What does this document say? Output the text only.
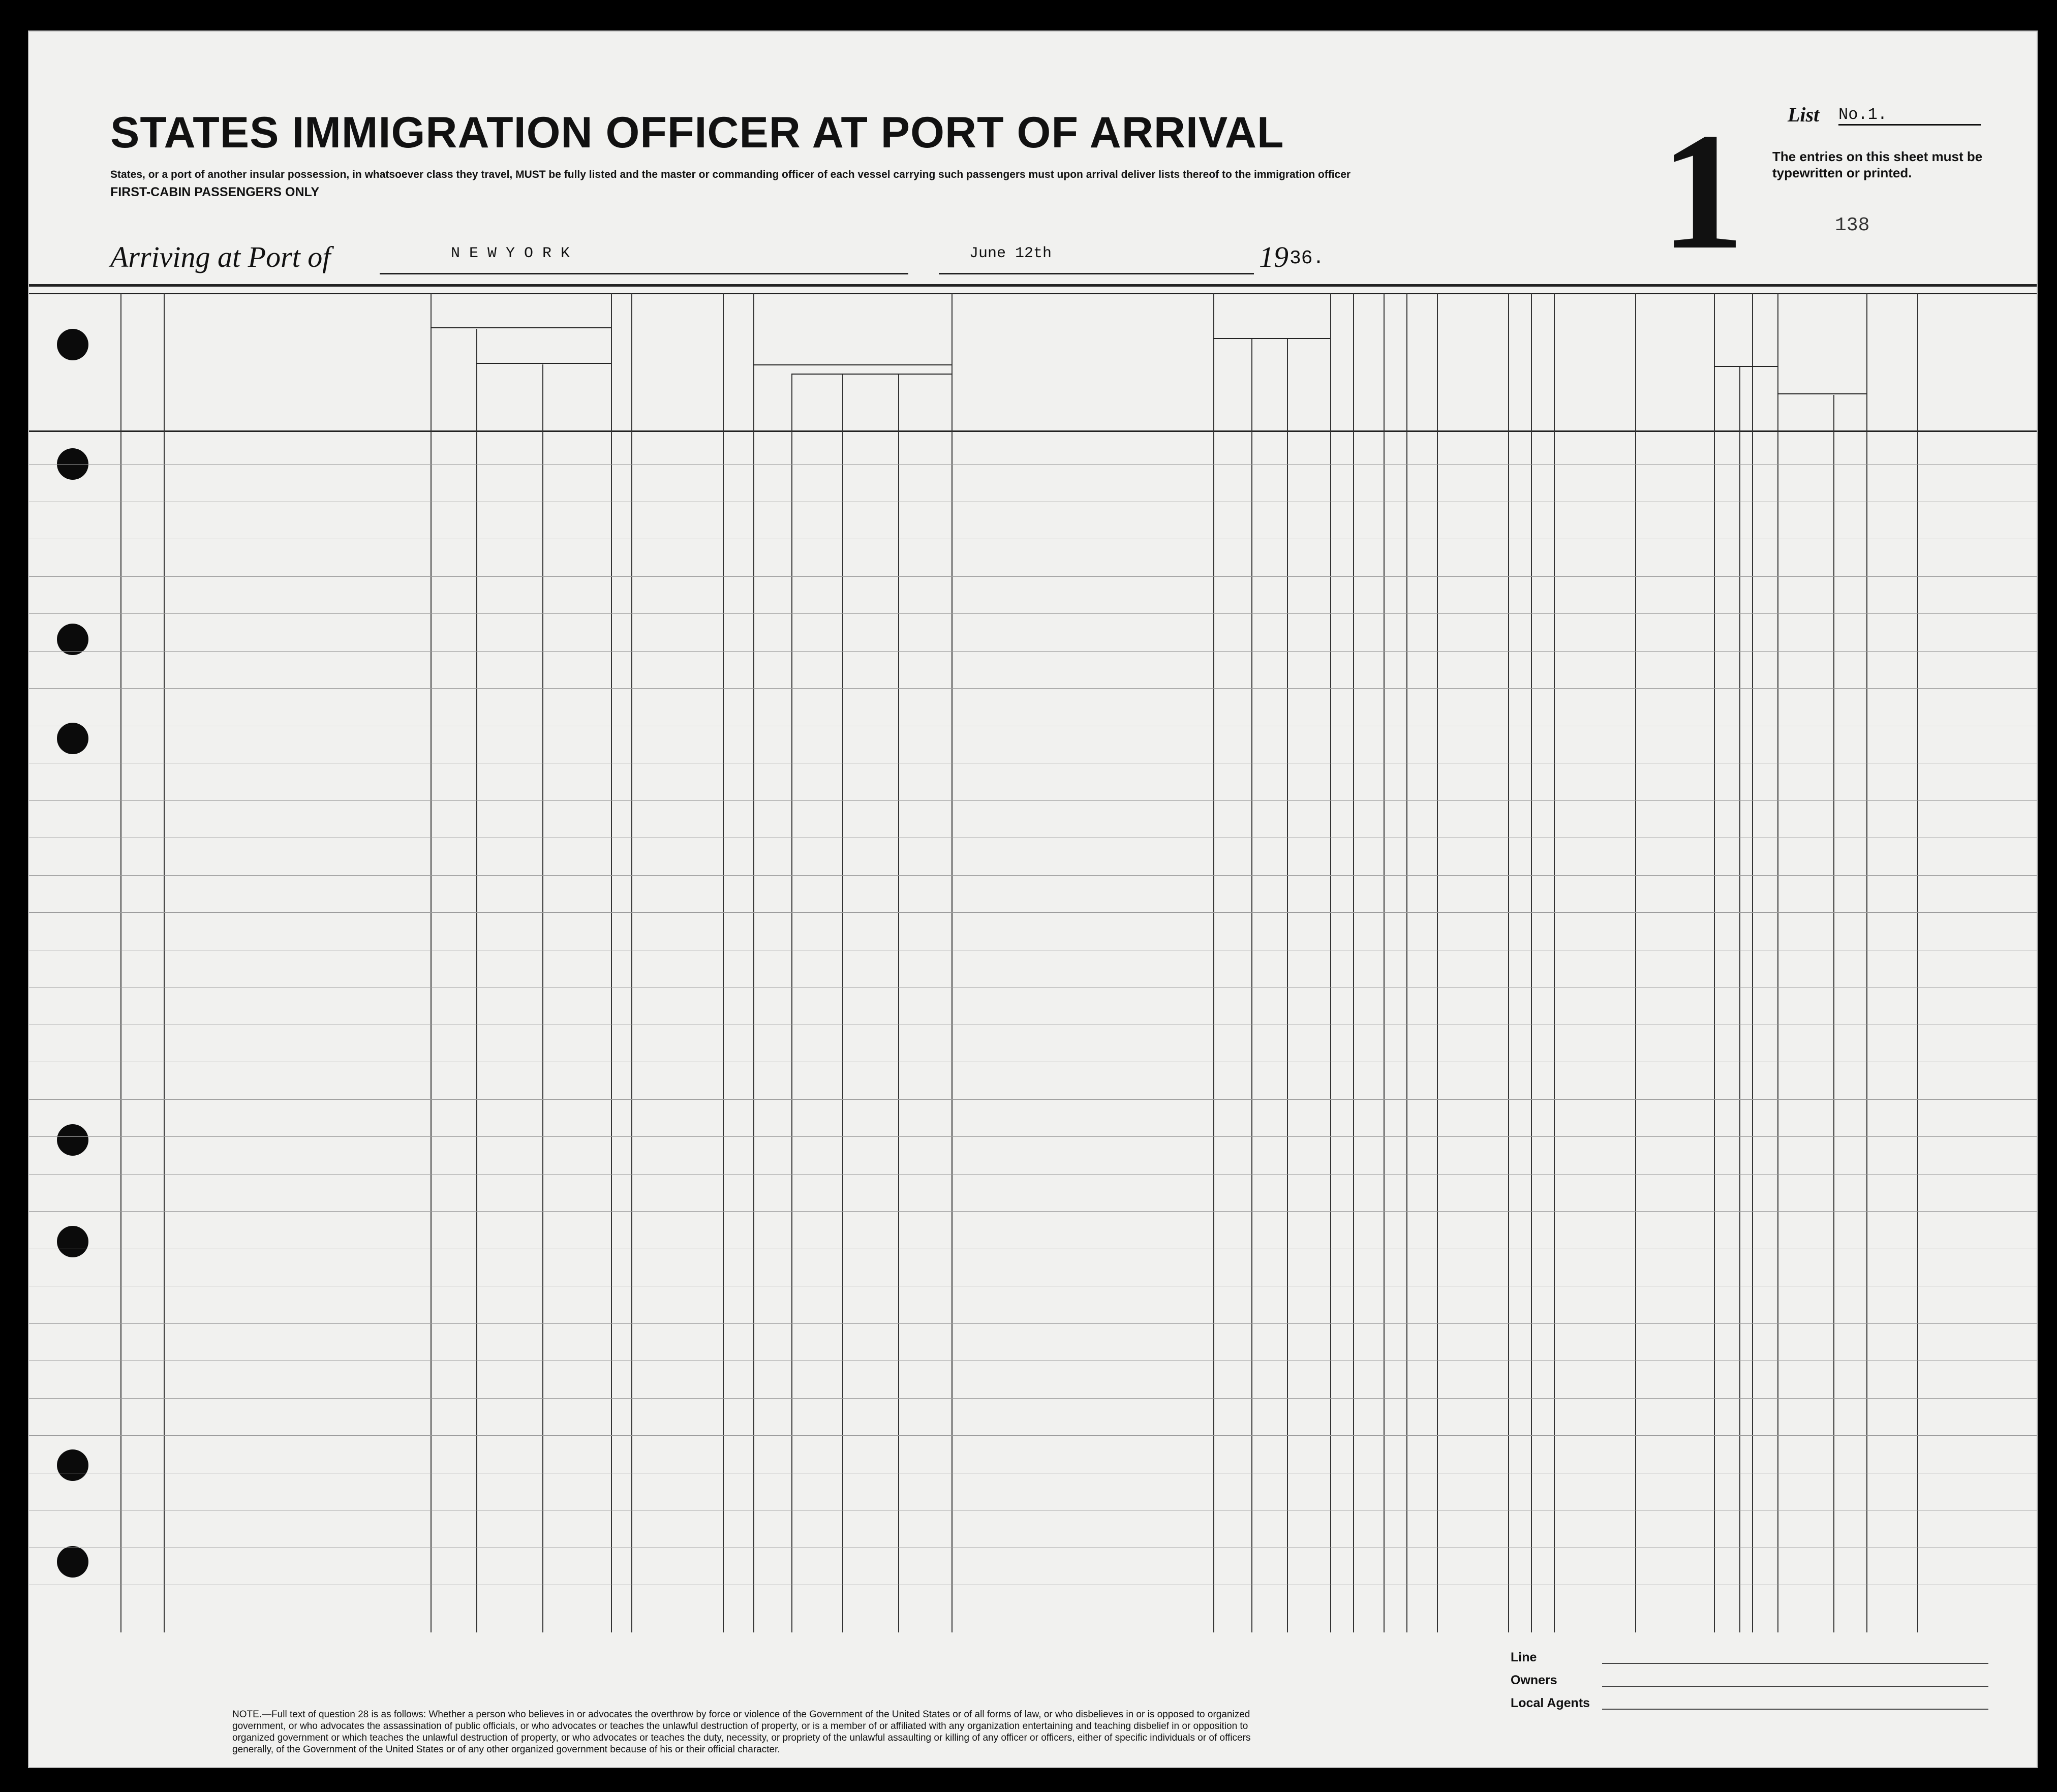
STATES IMMIGRATION OFFICER AT PORT OF ARRIVAL
States, or a port of another insular possession, in whatsoever class they travel, MUST be fully listed and the master or commanding officer of each vessel carrying such passengers must upon arrival deliver lists thereof to the immigration officer
FIRST-CABIN PASSENGERS ONLY	1 List No.1.
The entries on this sheet must be typewritten or printed.
138
Arriving at Port of	N E W Y O R K	June 12th	19 36.
NOTE.—Full text of question 28 is as follows: Whether a person who believes in or advocates the overthrow by force or violence of the Government of the United States or of all forms of law, or who disbelieves in or is opposed to organized government, or who advocates the assassination of public officials, or who advocates or teaches the unlawful destruction of property, or is a member of or affiliated with any organization entertaining and teaching disbelief in or opposition to organized government or which teaches the unlawful destruction of property, or who advocates or teaches the duty, necessity, or propriety of the unlawful assaulting or killing of any officer or officers, either of specific individuals or of officers generally, of the Government of the United States or of any other organized government because of his or their official character.
Line
Owners
Local Agents
